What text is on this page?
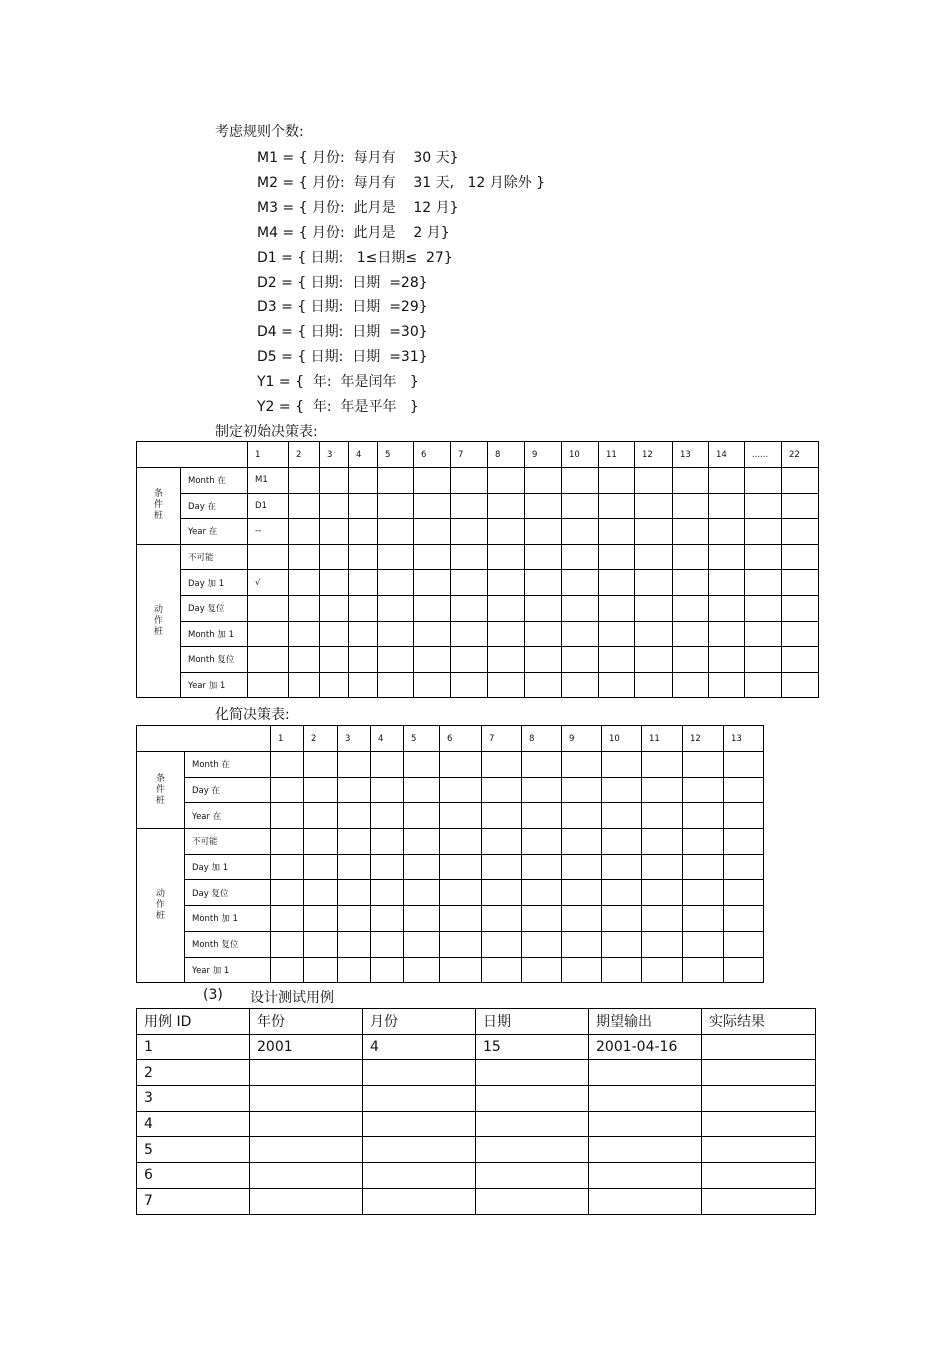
考虑规则个数:
M1 = { 月份:  每月有    30 天}
M2 = { 月份:  每月有    31 天,   12 月除外 }
M3 = { 月份:  此月是    12 月}
M4 = { 月份:  此月是    2 月}
D1 = { 日期:   1≤日期≤  27}
D2 = { 日期:  日期  =28}
D3 = { 日期:  日期  =29}
D4 = { 日期:  日期  =30}
D5 = { 日期:  日期  =31}
Y1 = {  年:  年是闰年   }
Y2 = {  年:  年是平年   }
制定初始决策表:
		1	2	3	4	5	6	7	8	9	10	11	12	13	14	......	22
条
件
桩	Month 在	M1															
	Day 在	D1															
	Year 在	--															
动
作
桩	不可能																
	Day 加 1	√															
	Day 复位																
	Month 加 1																
	Month 复位																
	Year 加 1																
化简决策表:
		1	2	3	4	5	6	7	8	9	10	11	12	13
条
件
桩	Month 在													
	Day 在													
	Year 在													
动
作
桩	不可能													
	Day 加 1													
	Day 复位													
	Month 加 1													
	Month 复位													
	Year 加 1													
(3) 设计测试用例
用例 ID	年份	月份	日期	期望输出	实际结果
1	2001	4	15	2001-04-16	
2					
3					
4					
5					
6					
7					
